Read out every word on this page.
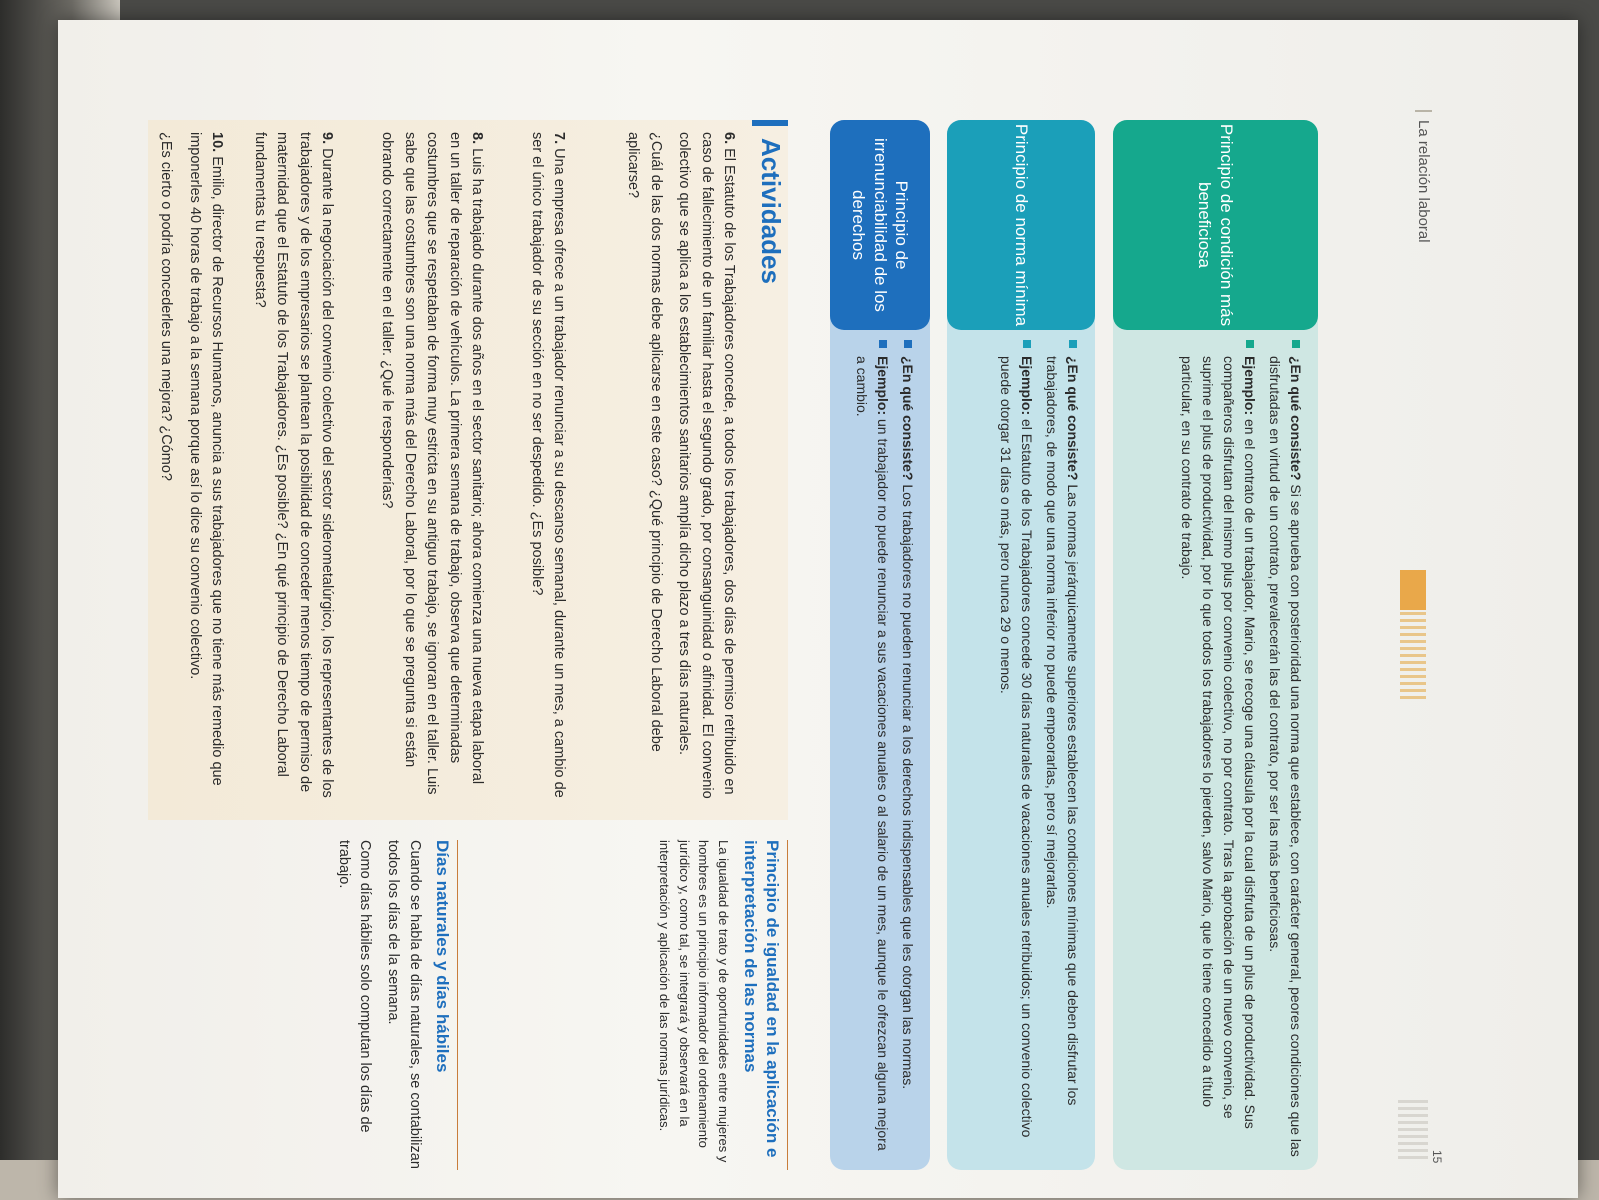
La relación laboral
15
Principio de condición más beneficiosa

¿En qué consiste? Si se aprueba con posterioridad una norma que establece, con carácter general, peores condiciones que las disfrutadas en virtud de un contrato, prevalecerán las del contrato, por ser las más beneficiosas.

Ejemplo: en el contrato de un trabajador, Mario, se recoge una cláusula por la cual disfruta de un plus de productividad. Sus compañeros disfrutan del mismo plus por convenio colectivo, no por contrato. Tras la aprobación de un nuevo convenio, se suprime el plus de productividad, por lo que todos los trabajadores lo pierden, salvo Mario, que lo tiene concedido a título particular, en su contrato de trabajo.

Principio de norma mínima

¿En qué consiste? Las normas jerárquicamente superiores establecen las condiciones mínimas que deben disfrutar los trabajadores, de modo que una norma inferior no puede empeorarlas, pero sí mejorarlas.

Ejemplo: el Estatuto de los Trabajadores concede 30 días naturales de vacaciones anuales retribuidos; un convenio colectivo puede otorgar 31 días o más, pero nunca 29 o menos.

Principio de irrenunciabilidad de los derechos

¿En qué consiste? Los trabajadores no pueden renunciar a los derechos indispensables que les otorgan las normas.

Ejemplo: un trabajador no puede renunciar a sus vacaciones anuales o al salario de un mes, aunque le ofrezcan alguna mejora a cambio.

Actividades
6. El Estatuto de los Trabajadores concede, a todos los trabajadores, dos días de permiso retribuido en caso de fallecimiento de un familiar hasta el segundo grado, por consanguinidad o afinidad. El convenio colectivo que se aplica a los establecimientos sanitarios amplía dicho plazo a tres días naturales.
¿Cuál de las dos normas debe aplicarse en este caso? ¿Qué principio de Derecho Laboral debe aplicarse?
7. Una empresa ofrece a un trabajador renunciar a su descanso semanal, durante un mes, a cambio de ser el único trabajador de su sección en no ser despedido. ¿Es posible?
8. Luis ha trabajado durante dos años en el sector sanitario; ahora comienza una nueva etapa laboral en un taller de reparación de vehículos. La primera semana de trabajo, observa que determinadas costumbres que se respetaban de forma muy estricta en su antiguo trabajo, se ignoran en el taller. Luis sabe que las costumbres son una norma más del Derecho Laboral, por lo que se pregunta si están obrando correctamente en el taller. ¿Qué le responderías?
9. Durante la negociación del convenio colectivo del sector siderometalúrgico, los representantes de los trabajadores y de los empresarios se plantean la posibilidad de conceder menos tiempo de permiso de maternidad que el Estatuto de los Trabajadores. ¿Es posible? ¿En qué principio de Derecho Laboral fundamentas tu respuesta?
10. Emilio, director de Recursos Humanos, anuncia a sus trabajadores que no tiene más remedio que imponerles 40 horas de trabajo a la semana porque así lo dice su convenio colectivo.
¿Es cierto o podría concederles una mejora? ¿Cómo?
Principio de igualdad en la aplicación e interpretación de las normas

La igualdad de trato y de oportunidades entre mujeres y hombres es un principio informador del ordenamiento jurídico y, como tal, se integrará y observará en la interpretación y aplicación de las normas jurídicas.

Días naturales y días hábiles

Cuando se habla de días naturales, se contabilizan todos los días de la semana.

Como días hábiles solo computan los días de trabajo.
